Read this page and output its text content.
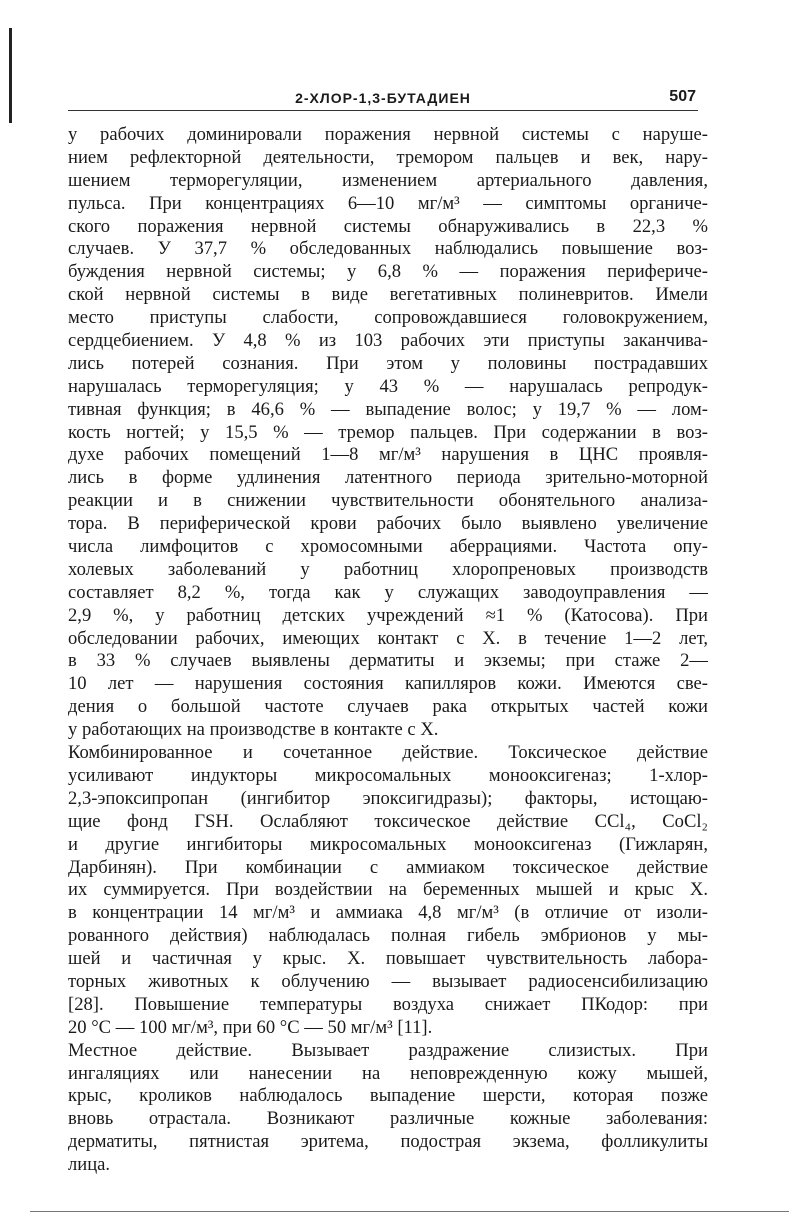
2-ХЛОР-1,3-БУТАДИЕН	507
у рабочих доминировали поражения нервной системы с наруше-
нием рефлекторной деятельности, тремором пальцев и век, нару-
шением терморегуляции, изменением артериального давления,
пульса. При концентрациях 6—10 мг/м³ — симптомы органиче-
ского поражения нервной системы обнаруживались в 22,3 %
случаев. У 37,7 % обследованных наблюдались повышение воз-
буждения нервной системы; у 6,8 % — поражения перифериче-
ской нервной системы в виде вегетативных полиневритов. Имели
место приступы слабости, сопровождавшиеся головокружением,
сердцебиением. У 4,8 % из 103 рабочих эти приступы заканчива-
лись потерей сознания. При этом у половины пострадавших
нарушалась терморегуляция; у 43 % — нарушалась репродук-
тивная функция; в 46,6 % — выпадение волос; у 19,7 % — лом-
кость ногтей; у 15,5 % — тремор пальцев. При содержании в воз-
духе рабочих помещений 1—8 мг/м³ нарушения в ЦНС проявля-
лись в форме удлинения латентного периода зрительно-моторной
реакции и в снижении чувствительности обонятельного анализа-
тора. В периферической крови рабочих было выявлено увеличение
числа лимфоцитов с хромосомными аберрациями. Частота опу-
холевых заболеваний у работниц хлоропреновых производств
составляет 8,2 %, тогда как у служащих заводоуправления —
2,9 %, у работниц детских учреждений ≈1 % (Катосова). При
обследовании рабочих, имеющих контакт с Х. в течение 1—2 лет,
в 33 % случаев выявлены дерматиты и экземы; при стаже 2—
10 лет — нарушения состояния капилляров кожи. Имеются све-
дения о большой частоте случаев рака открытых частей кожи
у работающих на производстве в контакте с Х.
Комбинированное и сочетанное действие. Токсическое действие
усиливают индукторы микросомальных монооксигеназ; 1-хлор-
2,3-эпоксипропан (ингибитор эпоксигидразы); факторы, истощаю-
щие фонд ГSH. Ослабляют токсическое действие CCl₄, CoCl₂
и другие ингибиторы микросомальных монооксигеназ (Гижларян,
Дарбинян). При комбинации с аммиаком токсическое действие
их суммируется. При воздействии на беременных мышей и крыс Х.
в концентрации 14 мг/м³ и аммиака 4,8 мг/м³ (в отличие от изоли-
рованного действия) наблюдалась полная гибель эмбрионов у мы-
шей и частичная у крыс. Х. повышает чувствительность лабора-
торных животных к облучению — вызывает радиосенсибилизацию
[28]. Повышение температуры воздуха снижает ПКодор: при
20 °С — 100 мг/м³, при 60 °С — 50 мг/м³ [11].
Местное действие. Вызывает раздражение слизистых. При
ингаляциях или нанесении на неповрежденную кожу мышей,
крыс, кроликов наблюдалось выпадение шерсти, которая позже
вновь отрастала. Возникают различные кожные заболевания:
дерматиты, пятнистая эритема, подострая экзема, фолликулиты
лица.
